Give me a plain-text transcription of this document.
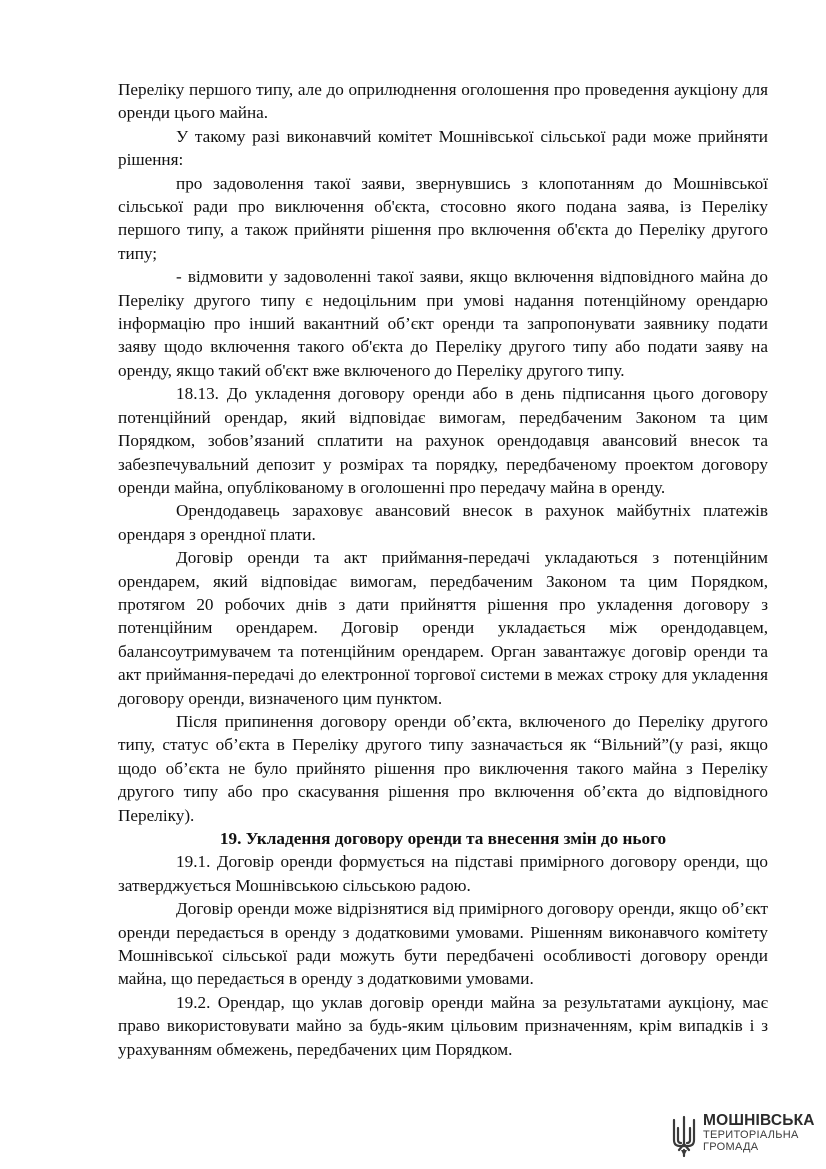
Переліку першого типу, але до оприлюднення оголошення про проведення аукціону для оренди цього майна.

У такому разі виконавчий комітет Мошнівської сільської ради може прийняти рішення:

про задоволення такої заяви, звернувшись з клопотанням до Мошнівської сільської ради про виключення об'єкта, стосовно якого подана заява, із Переліку першого типу, а також прийняти рішення про включення об'єкта до Переліку другого типу;

- відмовити у задоволенні такої заяви, якщо включення відповідного майна до Переліку другого типу є недоцільним при умові надання потенційному орендарю інформацію про інший вакантний об’єкт оренди та запропонувати заявнику подати заяву щодо включення такого об'єкта до Переліку другого типу або подати заяву на оренду, якщо такий об'єкт вже включеного до Переліку другого типу.

18.13. До укладення договору оренди або в день підписання цього договору потенційний орендар, який відповідає вимогам, передбаченим Законом та цим Порядком, зобов’язаний сплатити на рахунок орендодавця авансовий внесок та забезпечувальний депозит у розмірах та порядку, передбаченому проектом договору оренди майна, опублікованому в оголошенні про передачу майна в оренду.

Орендодавець зараховує авансовий внесок в рахунок майбутніх платежів орендаря з орендної плати.

Договір оренди та акт приймання-передачі укладаються з потенційним орендарем, який відповідає вимогам, передбаченим Законом та цим Порядком, протягом 20 робочих днів з дати прийняття рішення про укладення договору з потенційним орендарем. Договір оренди укладається між орендодавцем, балансоутримувачем та потенційним орендарем. Орган завантажує договір оренди та акт приймання-передачі до електронної торгової системи в межах строку для укладення договору оренди, визначеного цим пунктом.

Після припинення договору оренди об’єкта, включеного до Переліку другого типу, статус об’єкта в Переліку другого типу зазначається як “Вільний”(у разі, якщо щодо об’єкта не було прийнято рішення про виключення такого майна з Переліку другого типу або про скасування рішення про включення об’єкта до відповідного Переліку).

19. Укладення договору оренди та внесення змін до нього

19.1. Договір оренди формується на підставі примірного договору оренди, що затверджується Мошнівською сільською радою.

Договір оренди може відрізнятися від примірного договору оренди, якщо об’єкт оренди передається в оренду з додатковими умовами. Рішенням виконавчого комітету Мошнівської сільської ради можуть бути передбачені особливості договору оренди майна, що передається в оренду з додатковими умовами.

19.2. Орендар, що уклав договір оренди майна за результатами аукціону, має право використовувати майно за будь-яким цільовим призначенням, крім випадків і з урахуванням обмежень, передбачених цим Порядком.

МОШНІВСЬКА
ТЕРИТОРІАЛЬНА
ГРОМАДА
